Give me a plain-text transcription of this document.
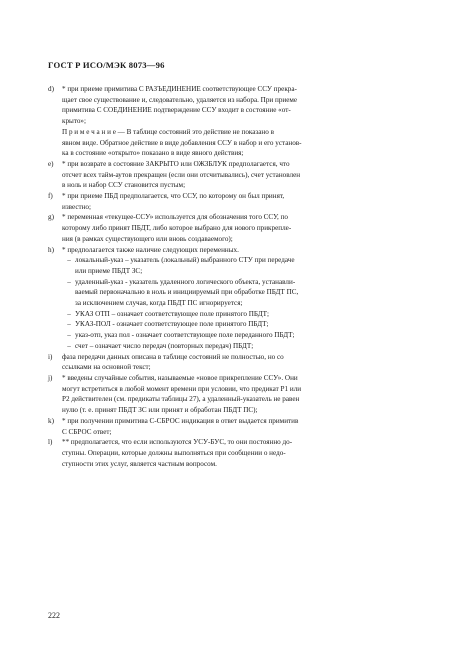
ГОСТ Р ИСО/МЭК 8073—96
d)	* при приеме примитива С РАЗЪЕДИНЕНИЕ соответствующее ССУ прекра-
щает свое существование и, следовательно, удаляется из набора. При приеме
примитива С СОЕДИНЕНИЕ подтверждение ССУ входит в состояние «от-
крыто»;
П р и м е ч а н и е — В таблице состояний это действие не показано в
явном виде. Обратное действие в виде добавления ССУ в набор и его установ-
ка в состояние «открыто» показано в виде явного действия;
e)	* при возврате в состояние ЗАКРЫТО или ОЖЗБЛУК предполагается, что
отсчет всех тайм-аутов прекращен (если они отсчитывались), счет установлен
в ноль и набор ССУ становится пустым;
f)	* при приеме ПБД предполагается, что ССУ, по которому он был принят,
известно;
g)	* переменная «текущее-ССУ» используется для обозначения того ССУ, по
которому либо принят ПБДТ, либо которое выбрано для нового прикрепле-
ния (в рамках существующего или вновь создаваемого);
h)	* предполагается также наличие следующих переменных.
– локальный-указ – указатель (локальный) выбранного СТУ при передаче
или приеме ПБДТ ЗС;
– удаленный-указ - указатель удаленного логического объекта, устанавли-
ваемый первоначально в ноль и инициируемый при обработке ПБДТ ПС,
за исключением случая, когда ПБДТ ПС игнорируется;
– УКАЗ ОТП – означает соответствующее поле принятого ПБДТ;
– УКАЗ-ПОЛ - означает соответствующее поле принятого ПБДТ;
– указ-отп, указ пол - означает соответствующее поле переданного ПБДТ;
– счет – означает число передач (повторных передач) ПБДТ;
i)	фаза передачи данных описана в таблице состояний не полностью, но со
ссылками на основной текст;
j)	* введены случайные события, называемые «новое прикрепление ССУ». Они
могут встретиться в любой момент времени при условии, что предикат Р1 или
Р2 действителен (см. предикаты таблицы 27), а удаленный-указатель не равен
нулю (т. е. принят ПБДТ ЗС или принят и обработан ПБДТ ПС);
k)	* при получении примитива С-СБРОС индикация в ответ выдается примитив
С СБРОС ответ;
l)	** предполагается, что если используются УСУ-БУС, то они постоянно до-
ступны. Операции, которые должны выполняться при сообщении о недо-
ступности этих услуг, является частным вопросом.
222
